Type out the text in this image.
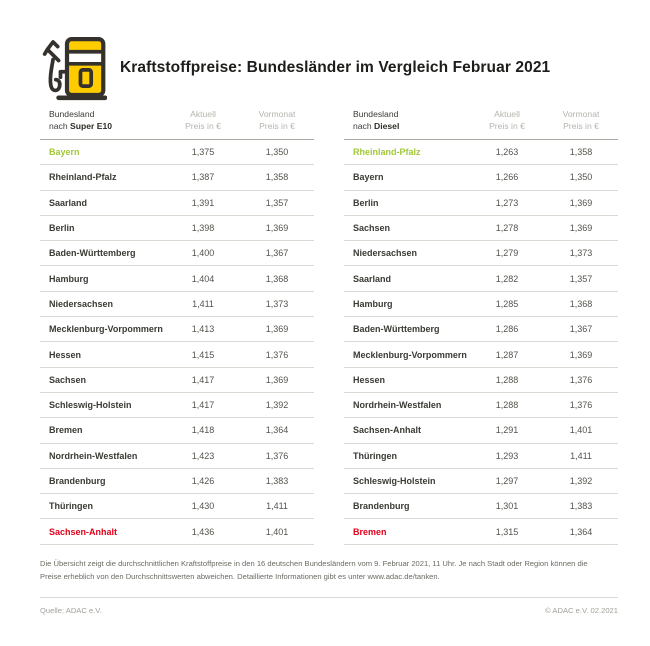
Kraftstoffpreise: Bundesländer im Vergleich Februar 2021
Bundesland
nach Super E10
Aktuell
Preis in €
Vormonat
Preis in €
Bayern	1,375	1,350
Rheinland-Pfalz	1,387	1,358
Saarland	1,391	1,357
Berlin	1,398	1,369
Baden-Württemberg	1,400	1,367
Hamburg	1,404	1,368
Niedersachsen	1,411	1,373
Mecklenburg-Vorpommern	1,413	1,369
Hessen	1,415	1,376
Sachsen	1,417	1,369
Schleswig-Holstein	1,417	1,392
Bremen	1,418	1,364
Nordrhein-Westfalen	1,423	1,376
Brandenburg	1,426	1,383
Thüringen	1,430	1,411
Sachsen-Anhalt	1,436	1,401
Bundesland
nach Diesel
Aktuell
Preis in €
Vormonat
Preis in €
Rheinland-Pfalz	1,263	1,358
Bayern	1,266	1,350
Berlin	1,273	1,369
Sachsen	1,278	1,369
Niedersachsen	1,279	1,373
Saarland	1,282	1,357
Hamburg	1,285	1,368
Baden-Württemberg	1,286	1,367
Mecklenburg-Vorpommern	1,287	1,369
Hessen	1,288	1,376
Nordrhein-Westfalen	1,288	1,376
Sachsen-Anhalt	1,291	1,401
Thüringen	1,293	1,411
Schleswig-Holstein	1,297	1,392
Brandenburg	1,301	1,383
Bremen	1,315	1,364

Die Übersicht zeigt die durchschnittlichen Kraftstoffpreise in den 16 deutschen Bundesländern vom 9. Februar 2021, 11 Uhr. Je nach Stadt oder Region können die Preise erheblich von den Durchschnittswerten abweichen. Detaillierte Informationen gibt es unter www.adac.de/tanken.

Quelle: ADAC e.V.	© ADAC e.V. 02.2021
